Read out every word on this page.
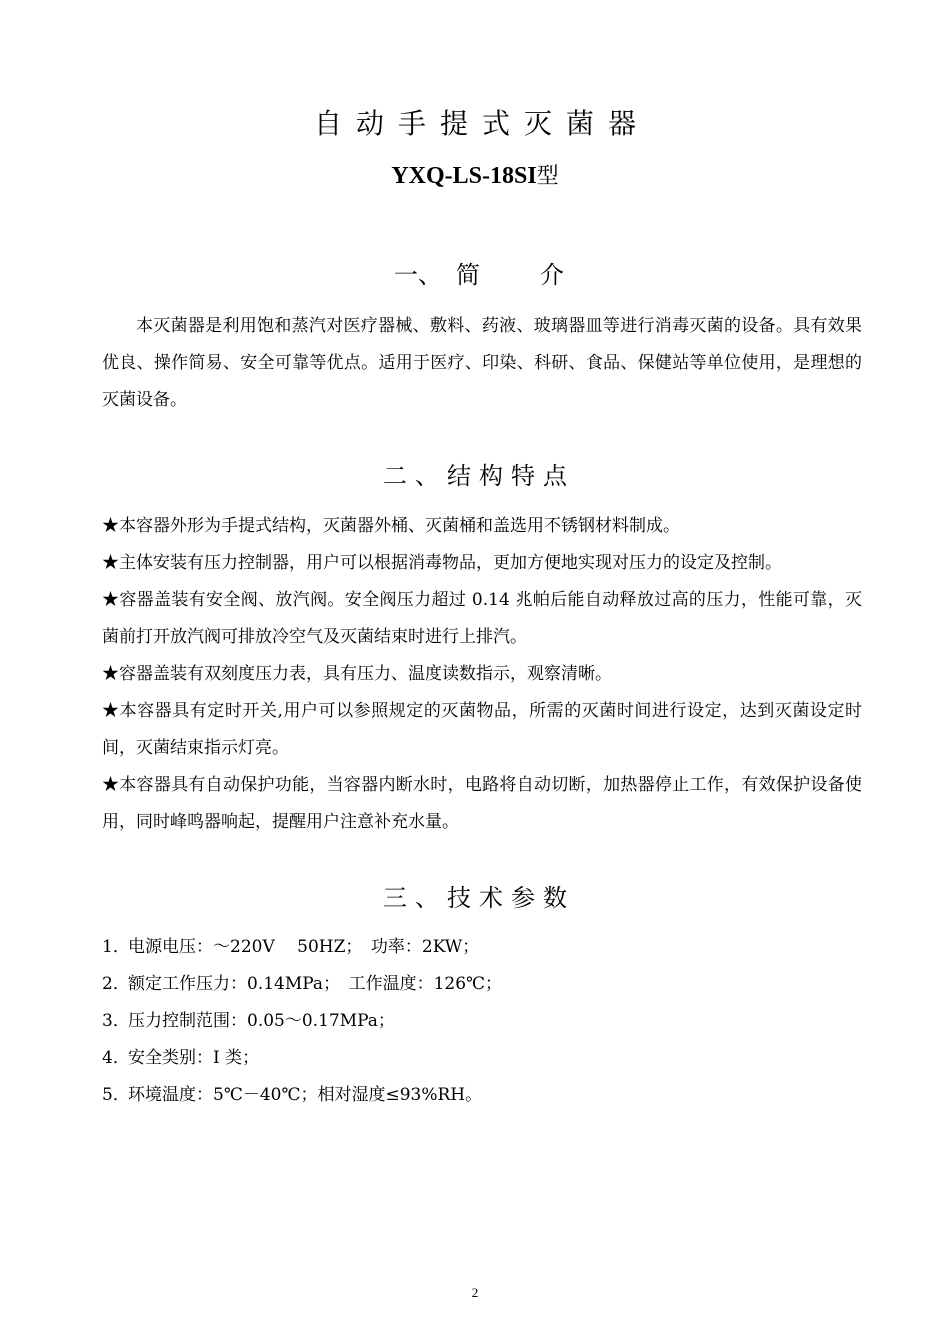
自动手提式灭菌器
YXQ-LS-18SI型
一、 简	介

本灭菌器是利用饱和蒸汽对医疗器械、敷料、药液、玻璃器皿等进行消毒灭菌的设备。具有效果优良、操作简易、安全可靠等优点。适用于医疗、印染、科研、食品、保健站等单位使用，是理想的灭菌设备。

二、结构特点
★本容器外形为手提式结构，灭菌器外桶、灭菌桶和盖选用不锈钢材料制成。
★主体安装有压力控制器，用户可以根据消毒物品，更加方便地实现对压力的设定及控制。
★容器盖装有安全阀、放汽阀。安全阀压力超过 0.14 兆帕后能自动释放过高的压力，性能可靠，灭菌前打开放汽阀可排放冷空气及灭菌结束时进行上排汽。
★容器盖装有双刻度压力表，具有压力、温度读数指示，观察清晰。
★本容器具有定时开关,用户可以参照规定的灭菌物品，所需的灭菌时间进行设定，达到灭菌设定时间，灭菌结束指示灯亮。
★本容器具有自动保护功能，当容器内断水时，电路将自动切断，加热器停止工作，有效保护设备使用，同时峰鸣器响起，提醒用户注意补充水量。
三、技术参数
1．电源电压：～220V　 50HZ；　功率：2KW；
2．额定工作压力：0.14MPa；　工作温度：126℃；
3．压力控制范围：0.05～0.17MPa；
4．安全类别：I 类；
5．环境温度：5℃－40℃；相对湿度≤93%RH。
2
